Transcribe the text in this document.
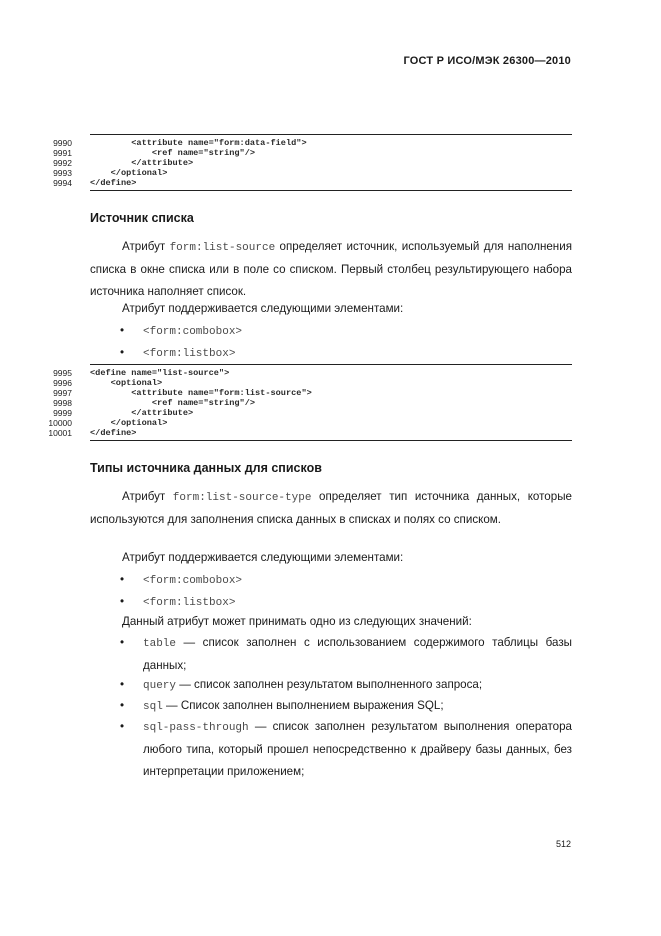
ГОСТ Р ИСО/МЭК 26300—2010
9990 <attribute name="form:data-field">
9991 <ref name="string"/>
9992 </attribute>
9993 </optional>
9994 </define>
Источник списка

Атрибут form:list-source определяет источник, используемый для наполнения списка в окне списка или в поле со списком. Первый столбец результирующего набора источника наполняет список.

Атрибут поддерживается следующими элементами:
• <form:combobox>
• <form:listbox>
9995 <define name="list-source">
9996 <optional>
9997 <attribute name="form:list-source">
9998 <ref name="string"/>
9999 </attribute>
10000 </optional>
10001 </define>
Типы источника данных для списков

Атрибут form:list-source-type определяет тип источника данных, которые используются для заполнения списка данных в списках и полях со списком.

Атрибут поддерживается следующими элементами:
• <form:combobox>
• <form:listbox>
Данный атрибут может принимать одно из следующих значений:
• table — список заполнен с использованием содержимого таблицы базы данных;

• query — список заполнен результатом выполненного запроса;

• sql — Список заполнен выполнением выражения SQL;

• sql-pass-through — список заполнен результатом выполнения оператора любого типа, который прошел непосредственно к драйверу базы данных, без интерпретации приложением;

512
